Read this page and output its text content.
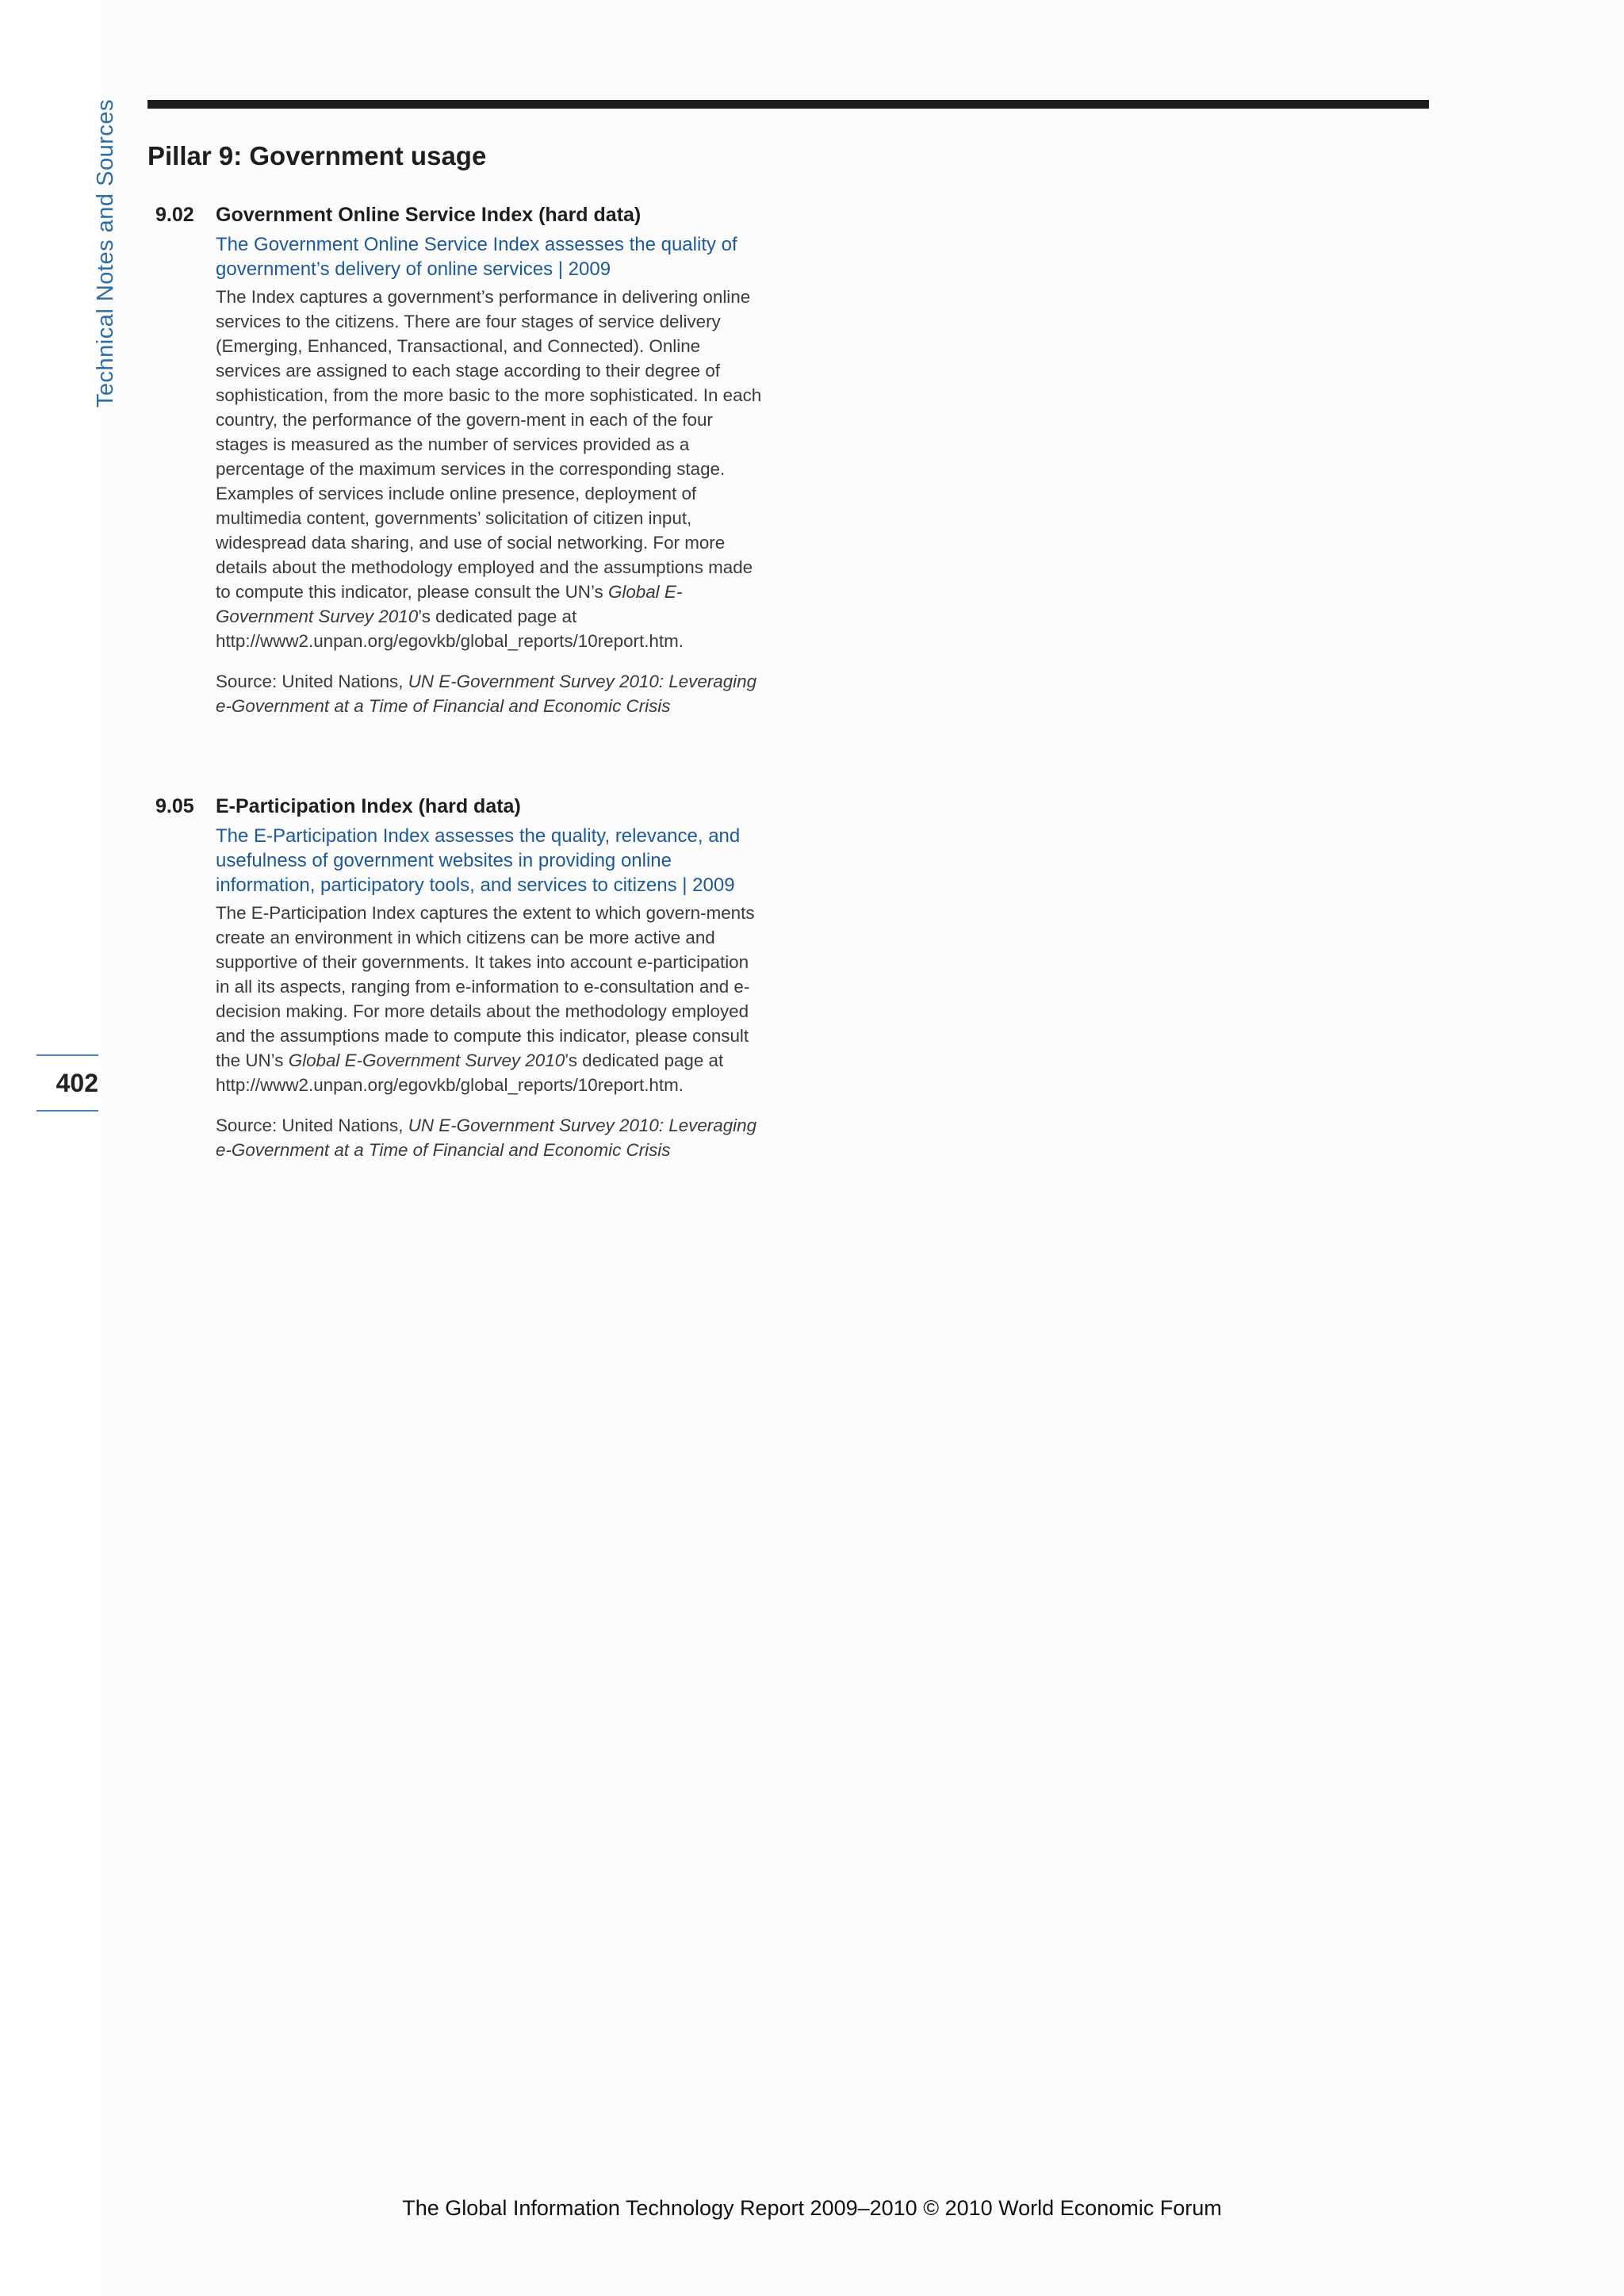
Technical Notes and Sources
402
Pillar 9: Government usage
9.02	Government Online Service Index (hard data)
The Government Online Service Index assesses the quality of government’s delivery of online services | 2009
The Index captures a government’s performance in delivering online services to the citizens. There are four stages of service delivery (Emerging, Enhanced, Transactional, and Connected). Online services are assigned to each stage according to their degree of sophistication, from the more basic to the more sophisticated. In each country, the performance of the govern-ment in each of the four stages is measured as the number of services provided as a percentage of the maximum services in the corresponding stage. Examples of services include online presence, deployment of multimedia content, governments’ solicitation of citizen input, widespread data sharing, and use of social networking. For more details about the methodology employed and the assumptions made to compute this indicator, please consult the UN’s Global E-Government Survey 2010’s dedicated page at http://www2.unpan.org/egovkb/global_reports/10report.htm.
Source: United Nations, UN E-Government Survey 2010: Leveraging e-Government at a Time of Financial and Economic Crisis
9.05	E-Participation Index (hard data)
The E-Participation Index assesses the quality, relevance, and usefulness of government websites in providing online information, participatory tools, and services to citizens | 2009
The E-Participation Index captures the extent to which govern-ments create an environment in which citizens can be more active and supportive of their governments. It takes into account e-participation in all its aspects, ranging from e-information to e-consultation and e-decision making. For more details about the methodology employed and the assumptions made to compute this indicator, please consult the UN’s Global E-Government Survey 2010’s dedicated page at http://www2.unpan.org/egovkb/global_reports/10report.htm.
Source: United Nations, UN E-Government Survey 2010: Leveraging e-Government at a Time of Financial and Economic Crisis
The Global Information Technology Report 2009–2010 © 2010 World Economic Forum
